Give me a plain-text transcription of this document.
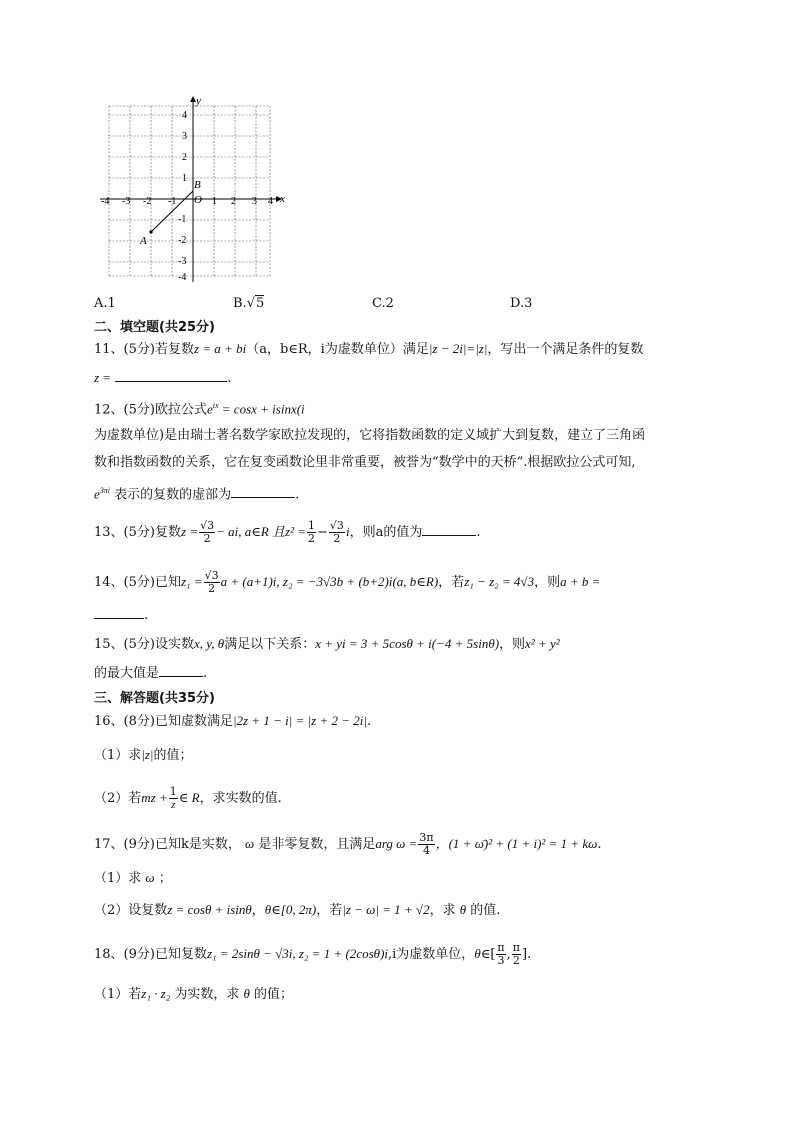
x
y
O
A
B
-4 -3 -2 -1	1 2 3 4
4
3
2
1
-1
-2
-3
-4
A.1	B.√5	C.2	D.3
二、填空题(共25分)
11、(5分)若复数z = a + bi（a，b∈R，i为虚数单位）满足|z − 2i|=|z|，写出一个满足条件的复数
z =	.
12、(5分)欧拉公式$e^{ix} = \cos x + isinx(i$
为虚数单位)是由瑞士著名数学家欧拉发现的，它将指数函数的定义域扩大到复数，建立了三角函
数和指数函数的关系，它在复变函数论里非常重要，被誉为“数学中的天桥”.根据欧拉公式可知,
$e^{3\pi i}$ 表示的复数的虚部为	.
13、(5分)复数$z = \frac{√3}{2}$ − ai, a∈R 且$z^2 = \frac{1}{2} - \frac{√3}{2}$ i，则a的值为	.
14、(5分)已知$z_1 = \frac{√3}{2}$ a + (a+1)i, z₂ = −3√3b + (b+2)i(a, b∈R)，若z₁ − z₂ = 4√3，则a + b =
.
15、(5分)设实数x, y, θ满足以下关系：x + yi = 3 + 5cosθ + i(−4 + 5sinθ)，则x² + y²
的最大值是	.
三、解答题(共35分)
16、(8分)已知虚数满足|2z + 1 − i| = |z + 2 − 2i|.
（1）求|z|的值；
（2）若mz + $\frac{1}{z}$ ∈ R，求实数的值.
17、(9分)已知k是实数， ω 是非零复数，且满足arg $\omega = \frac{3\pi}{4}$ ，(1 + ω̄)² + (1 + i)² = 1 + kω.
（1）求 ω ；
（2）设复数z = cosθ + isinθ，θ∈[0, 2π)，若|z − ω| = 1 + √2，求 θ 的值.
18、(9分)已知复数z₁ = 2sinθ − √3i, z₂ = 1 + (2cosθ)i,i为虚数单位，θ∈[ $\frac{\pi}{3}$ , $\frac{\pi}{2}$ ].
（1）若z₁ · z₂ 为实数，求 θ 的值；
